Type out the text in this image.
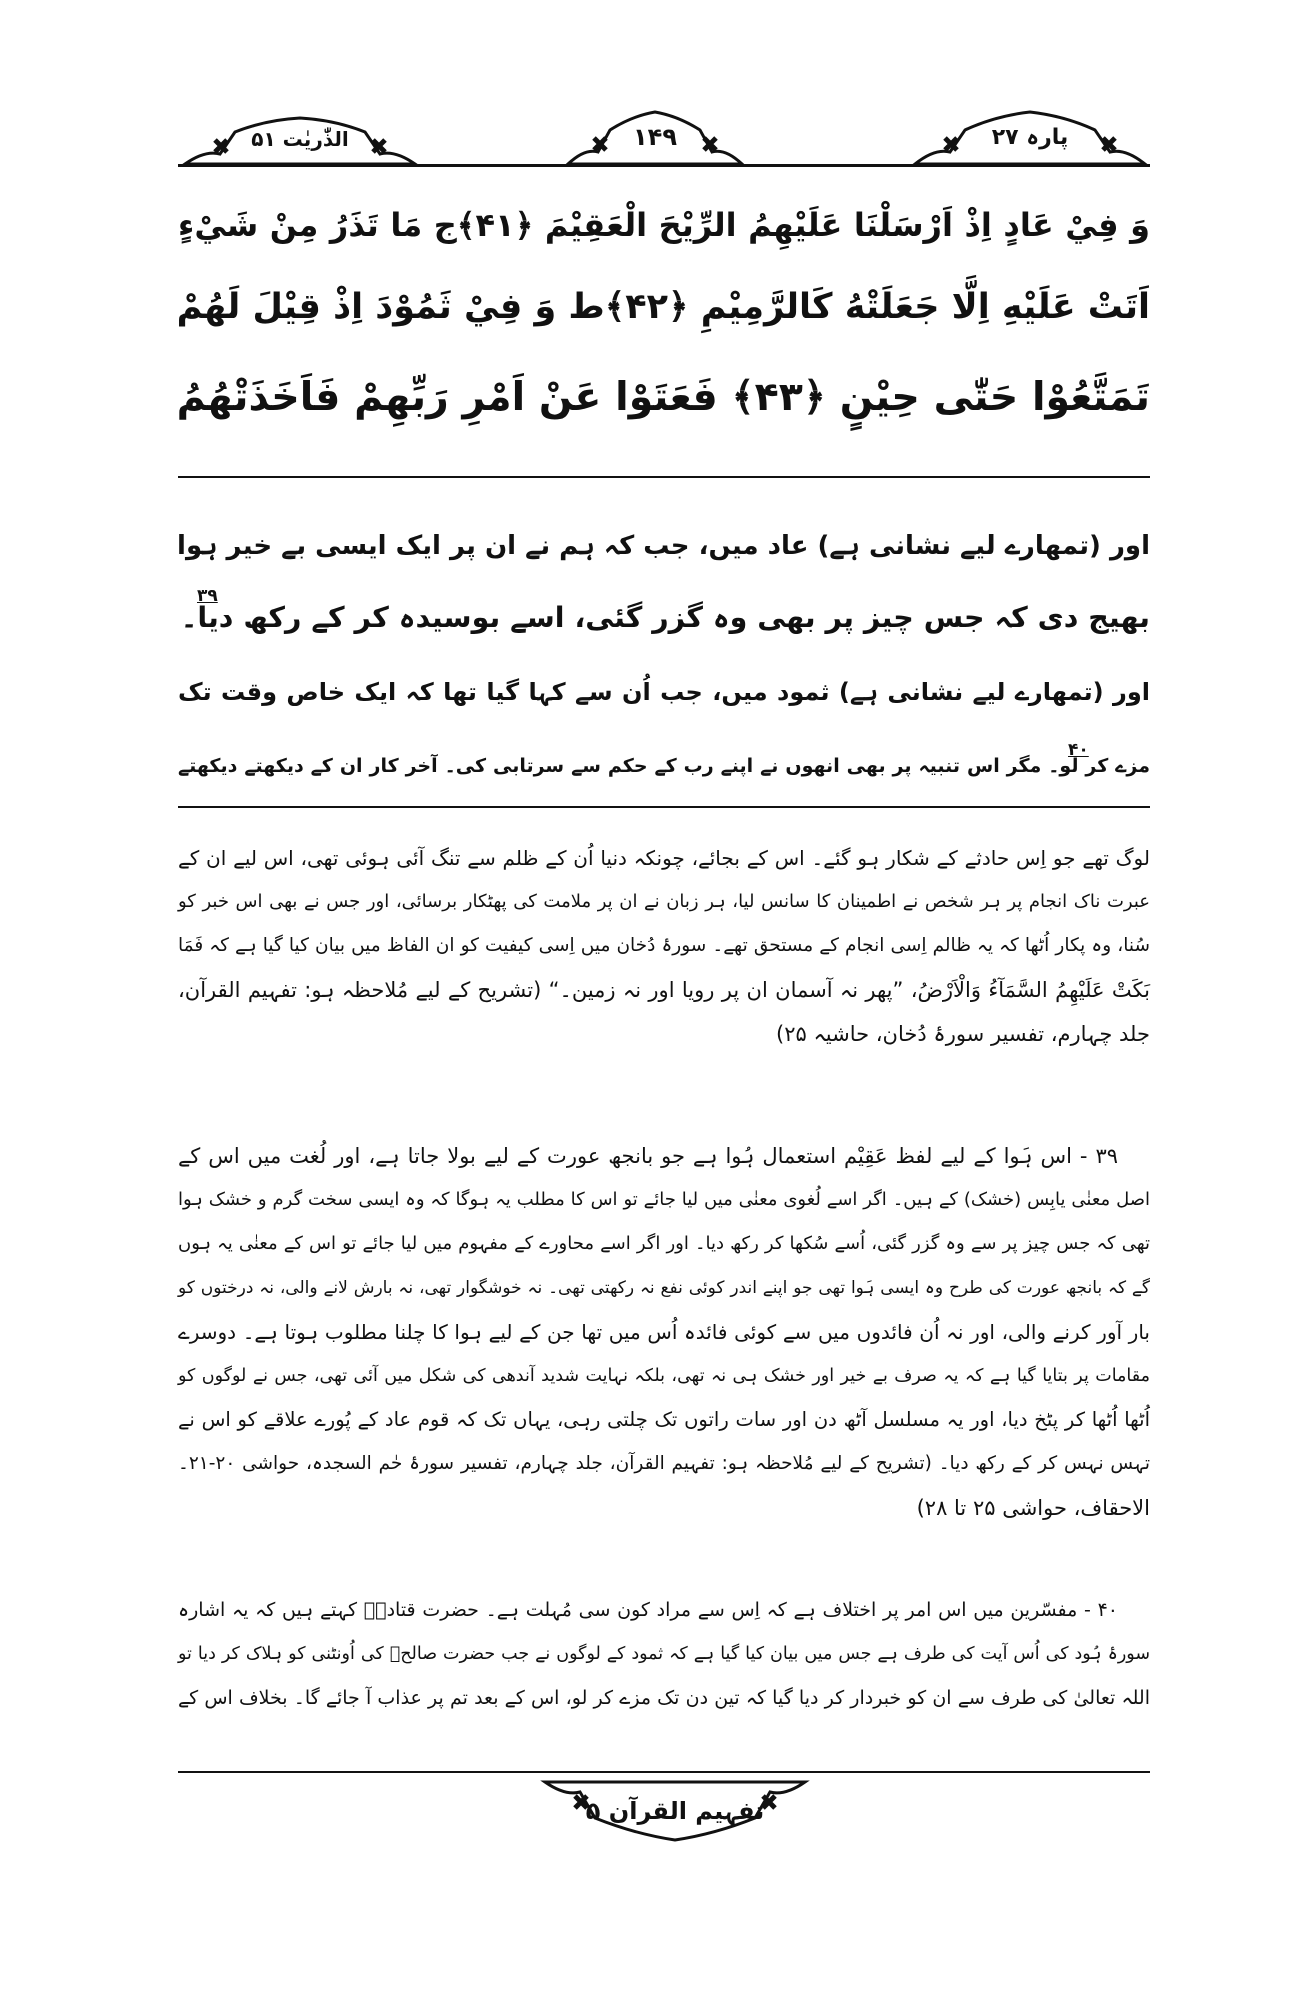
پارہ ۲۷
۱۴۹
الذّٰریٰت ۵۱
وَ فِيْ عَادٍ اِذْ اَرْسَلْنَا عَلَيْهِمُ الرِّيْحَ الْعَقِيْمَ ﴿۴۱﴾ج مَا تَذَرُ مِنْ شَيْءٍ
اَتَتْ عَلَيْهِ اِلَّا جَعَلَتْهُ كَالرَّمِيْمِ ﴿۴۲﴾ط وَ فِيْ ثَمُوْدَ اِذْ قِيْلَ لَهُمْ
تَمَتَّعُوْا حَتّٰى حِيْنٍ ﴿۴۳﴾ فَعَتَوْا عَنْ اَمْرِ رَبِّهِمْ فَاَخَذَتْهُمُ
اور (تمھارے لیے نشانی ہے) عاد میں، جب کہ ہم نے ان پر ایک ایسی بے خیر ہوا
بھیج دی کہ جس چیز پر بھی وہ گزر گئی، اسے بوسیدہ کر کے رکھ دیا۔
اور (تمھارے لیے نشانی ہے) ثمود میں، جب اُن سے کہا گیا تھا کہ ایک خاص وقت تک
مزے کر لو۔ مگر اس تنبیہ پر بھی انھوں نے اپنے رب کے حکم سے سرتابی کی۔ آخر کار ان کے دیکھتے دیکھتے
۳۹
۴۰
لوگ تھے جو اِس حادثے کے شکار ہو گئے۔ اس کے بجائے، چونکہ دنیا اُن کے ظلم سے تنگ آئی ہوئی تھی، اس لیے ان کے
عبرت ناک انجام پر ہر شخص نے اطمینان کا سانس لیا، ہر زبان نے ان پر ملامت کی پھٹکار برسائی، اور جس نے بھی اس خبر کو
سُنا، وہ پکار اُٹھا کہ یہ ظالم اِسی انجام کے مستحق تھے۔ سورۂ دُخان میں اِسی کیفیت کو ان الفاظ میں بیان کیا گیا ہے کہ فَمَا
بَكَتْ عَلَيْهِمُ السَّمَآءُ وَالْاَرْضُ، ”پھر نہ آسمان ان پر رویا اور نہ زمین۔“ (تشریح کے لیے مُلاحظہ ہو: تفہیم القرآن،
جلد چہارم، تفسیر سورۂ دُخان، حاشیہ ۲۵)
۳۹ - اس ہَوا کے لیے لفظ عَقِیْم استعمال ہُوا ہے جو بانجھ عورت کے لیے بولا جاتا ہے، اور لُغت میں اس کے
اصل معنٰی یابِس (خشک) کے ہیں۔ اگر اسے لُغوی معنٰی میں لیا جائے تو اس کا مطلب یہ ہوگا کہ وہ ایسی سخت گرم و خشک ہوا
تھی کہ جس چیز پر سے وہ گزر گئی، اُسے سُکھا کر رکھ دیا۔ اور اگر اسے محاورے کے مفہوم میں لیا جائے تو اس کے معنٰی یہ ہوں
گے کہ بانجھ عورت کی طرح وہ ایسی ہَوا تھی جو اپنے اندر کوئی نفع نہ رکھتی تھی۔ نہ خوشگوار تھی، نہ بارش لانے والی، نہ درختوں کو
بار آور کرنے والی، اور نہ اُن فائدوں میں سے کوئی فائدہ اُس میں تھا جن کے لیے ہوا کا چلنا مطلوب ہوتا ہے۔ دوسرے
مقامات پر بتایا گیا ہے کہ یہ صرف بے خیر اور خشک ہی نہ تھی، بلکہ نہایت شدید آندھی کی شکل میں آئی تھی، جس نے لوگوں کو
اُٹھا اُٹھا کر پٹخ دیا، اور یہ مسلسل آٹھ دن اور سات راتوں تک چلتی رہی، یہاں تک کہ قوم عاد کے پُورے علاقے کو اس نے
تہس نہس کر کے رکھ دیا۔ (تشریح کے لیے مُلاحظہ ہو: تفہیم القرآن، جلد چہارم، تفسیر سورۂ حٰم السجدہ، حواشی ۲۰-۲۱۔
الاحقاف، حواشی ۲۵ تا ۲۸)
۴۰ - مفسّرین میں اس امر پر اختلاف ہے کہ اِس سے مراد کون سی مُہلت ہے۔ حضرت قتادہؒ کہتے ہیں کہ یہ اشارہ
سورۂ ہُود کی اُس آیت کی طرف ہے جس میں بیان کیا گیا ہے کہ ثمود کے لوگوں نے جب حضرت صالحؑ کی اُونٹنی کو ہلاک کر دیا تو
اللہ تعالیٰ کی طرف سے ان کو خبردار کر دیا گیا کہ تین دن تک مزے کر لو، اس کے بعد تم پر عذاب آ جائے گا۔ بخلاف اس کے
تفہیم القرآن ۵
